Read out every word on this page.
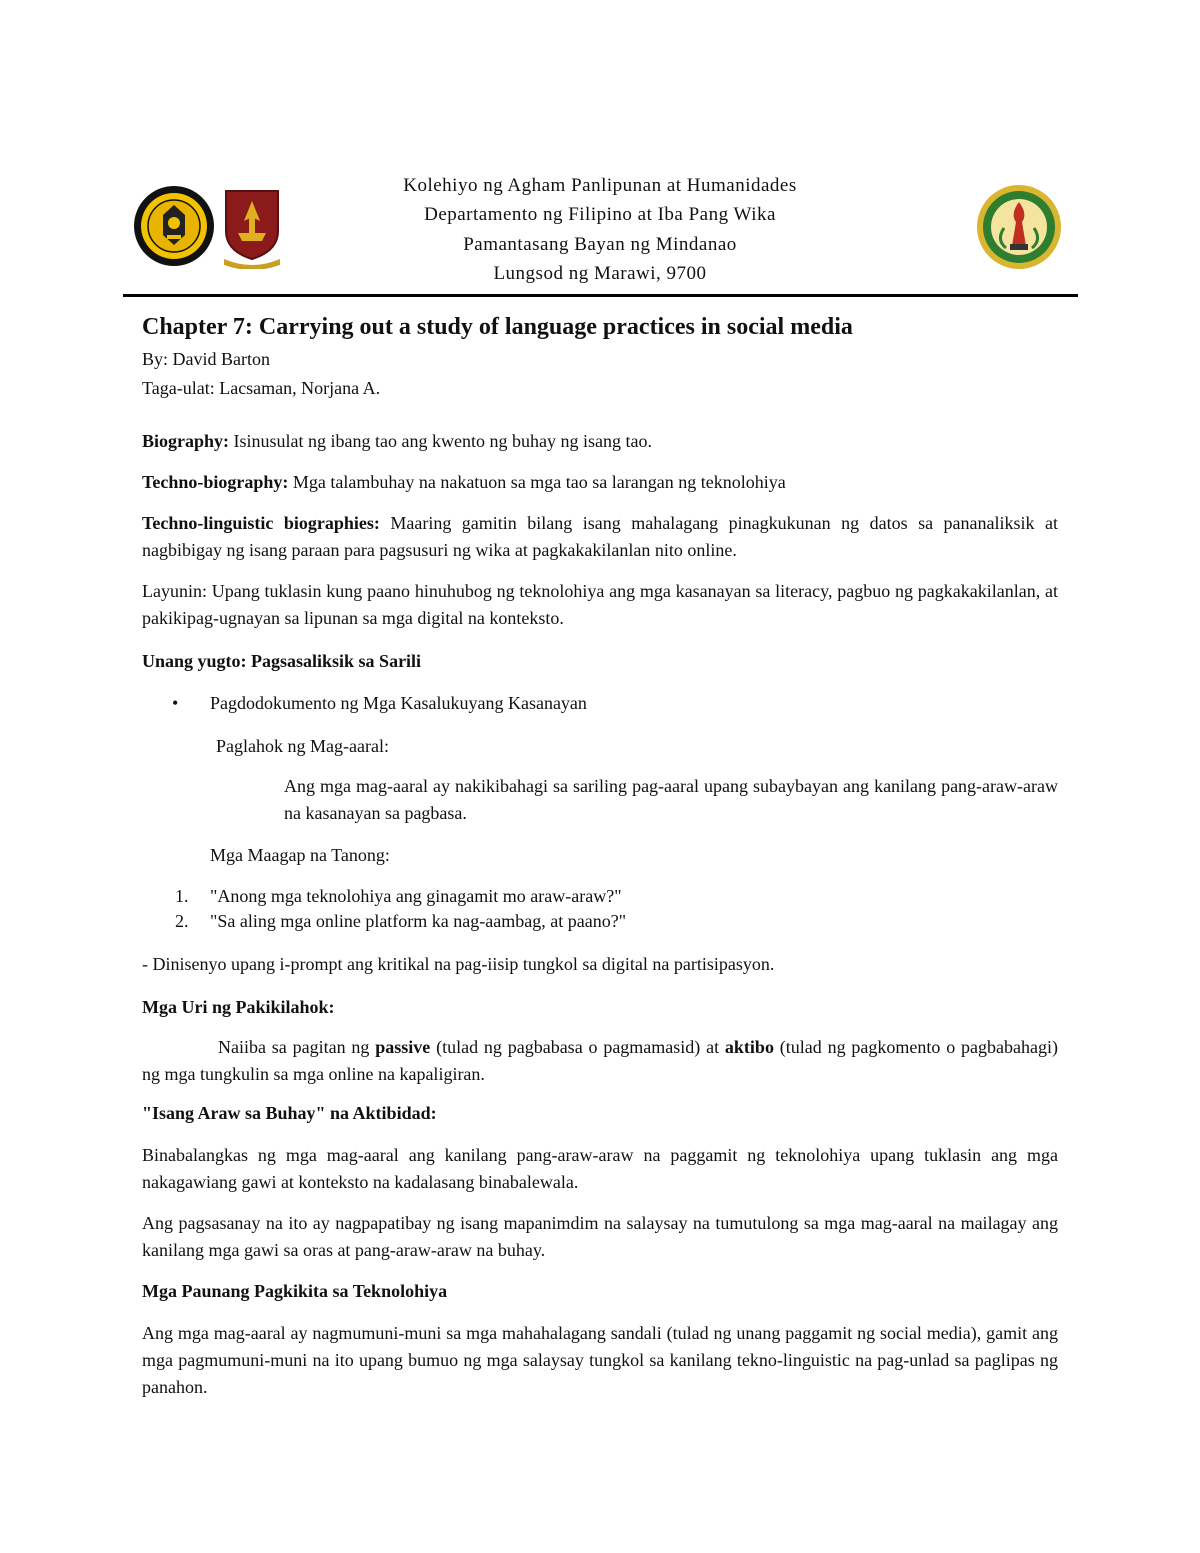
Kolehiyo ng Agham Panlipunan at Humanidades
Departamento ng Filipino at Iba Pang Wika
Pamantasang Bayan ng Mindanao
Lungsod ng Marawi, 9700
Chapter 7: Carrying out a study of language practices in social media
By: David Barton
Taga-ulat: Lacsaman, Norjana A.
Biography: Isinusulat ng ibang tao ang kwento ng buhay ng isang tao.
Techno-biography: Mga talambuhay na nakatuon sa mga tao sa larangan ng teknolohiya
Techno-linguistic biographies: Maaring gamitin bilang isang mahalagang pinagkukunan ng datos sa pananaliksik at nagbibigay ng isang paraan para pagsusuri ng wika at pagkakakilanlan nito online.
Layunin: Upang tuklasin kung paano hinuhubog ng teknolohiya ang mga kasanayan sa literacy, pagbuo ng pagkakakilanlan, at pakikipag-ugnayan sa lipunan sa mga digital na konteksto.
Unang yugto: Pagsasaliksik sa Sarili
• Pagdodokumento ng Mga Kasalukuyang Kasanayan
Paglahok ng Mag-aaral:
Ang mga mag-aaral ay nakikibahagi sa sariling pag-aaral upang subaybayan ang kanilang pang-araw-araw na kasanayan sa pagbasa.
Mga Maagap na Tanong:
1. "Anong mga teknolohiya ang ginagamit mo araw-araw?"
2. "Sa aling mga online platform ka nag-aambag, at paano?"
- Dinisenyo upang i-prompt ang kritikal na pag-iisip tungkol sa digital na partisipasyon.
Mga Uri ng Pakikilahok:
Naiiba sa pagitan ng passive (tulad ng pagbabasa o pagmamasid) at aktibo (tulad ng pagkomento o pagbabahagi) ng mga tungkulin sa mga online na kapaligiran.
"Isang Araw sa Buhay" na Aktibidad:
Binabalangkas ng mga mag-aaral ang kanilang pang-araw-araw na paggamit ng teknolohiya upang tuklasin ang mga nakagawiang gawi at konteksto na kadalasang binabalewala.
Ang pagsasanay na ito ay nagpapatibay ng isang mapanimdim na salaysay na tumutulong sa mga mag-aaral na mailagay ang kanilang mga gawi sa oras at pang-araw-araw na buhay.
Mga Paunang Pagkikita sa Teknolohiya
Ang mga mag-aaral ay nagmumuni-muni sa mga mahahalagang sandali (tulad ng unang paggamit ng social media), gamit ang mga pagmumuni-muni na ito upang bumuo ng mga salaysay tungkol sa kanilang tekno-linguistic na pag-unlad sa paglipas ng panahon.
